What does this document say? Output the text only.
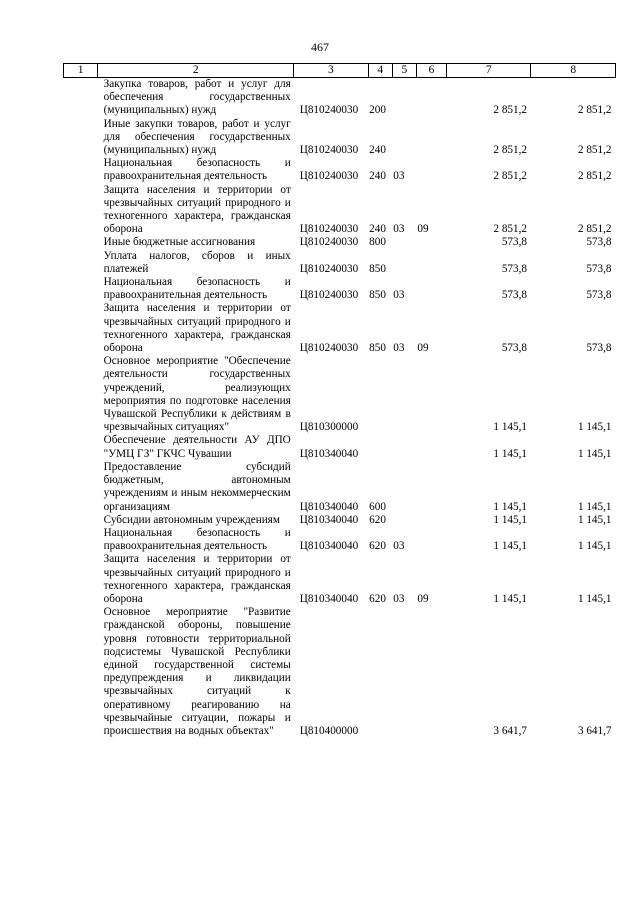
467
1	2	3	4	5	6	7	8
	Закупка товаров, работ и услуг для обеспечения государственных (муниципальных) нужд	Ц810240030	200			2 851,2	2 851,2
	Иные закупки товаров, работ и услуг для обеспечения государственных (муниципальных) нужд	Ц810240030	240			2 851,2	2 851,2
	Национальная безопасность и правоохранительная деятельность	Ц810240030	240	03		2 851,2	2 851,2
	Защита населения и территории от чрезвычайных ситуаций природного и техногенного характера, гражданская оборона	Ц810240030	240	03	09	2 851,2	2 851,2
	Иные бюджетные ассигнования	Ц810240030	800			573,8	573,8
	Уплата налогов, сборов и иных платежей	Ц810240030	850			573,8	573,8
	Национальная безопасность и правоохранительная деятельность	Ц810240030	850	03		573,8	573,8
	Защита населения и территории от чрезвычайных ситуаций природного и техногенного характера, гражданская оборона	Ц810240030	850	03	09	573,8	573,8
	Основное мероприятие "Обеспечение деятельности государственных учреждений, реализующих мероприятия по подготовке населения Чувашской Республики к действиям в чрезвычайных ситуациях"	Ц810300000				1 145,1	1 145,1
	Обеспечение деятельности АУ ДПО "УМЦ ГЗ" ГКЧС Чувашии	Ц810340040				1 145,1	1 145,1
	Предоставление субсидий бюджетным, автономным учреждениям и иным некоммерческим организациям	Ц810340040	600			1 145,1	1 145,1
	Субсидии автономным учреждениям	Ц810340040	620			1 145,1	1 145,1
	Национальная безопасность и правоохранительная деятельность	Ц810340040	620	03		1 145,1	1 145,1
	Защита населения и территории от чрезвычайных ситуаций природного и техногенного характера, гражданская оборона	Ц810340040	620	03	09	1 145,1	1 145,1
	Основное мероприятие "Развитие гражданской обороны, повышение уровня готовности территориальной подсистемы Чувашской Республики единой государственной системы предупреждения и ликвидации чрезвычайных ситуаций к оперативному реагированию на чрезвычайные ситуации, пожары и происшествия на водных объектах"	Ц810400000				3 641,7	3 641,7
